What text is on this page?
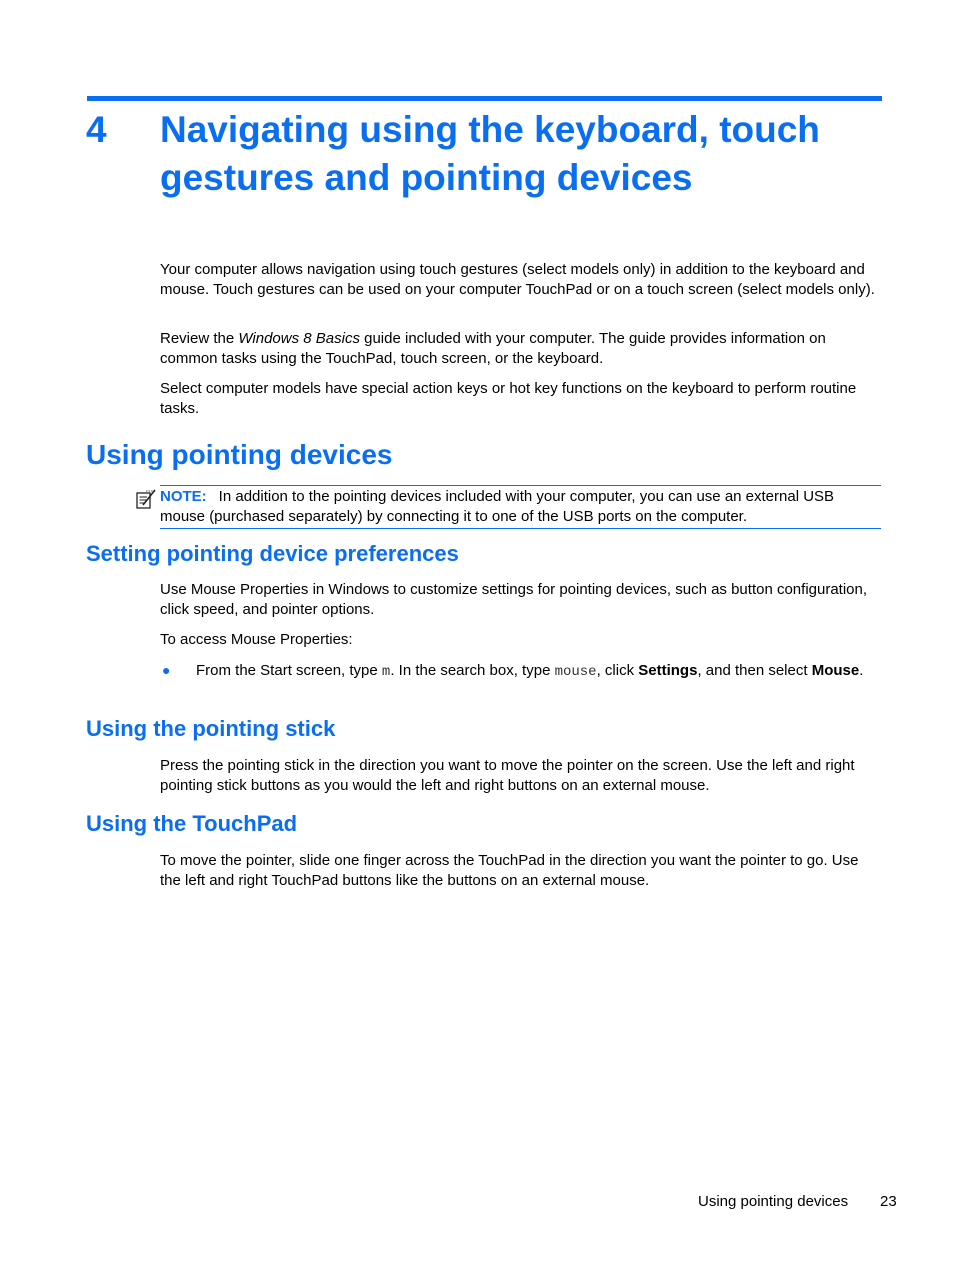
4 Navigating using the keyboard, touch gestures and pointing devices
Your computer allows navigation using touch gestures (select models only) in addition to the keyboard and mouse. Touch gestures can be used on your computer TouchPad or on a touch screen (select models only).
Review the Windows 8 Basics guide included with your computer. The guide provides information on common tasks using the TouchPad, touch screen, or the keyboard.
Select computer models have special action keys or hot key functions on the keyboard to perform routine tasks.
Using pointing devices
NOTE: In addition to the pointing devices included with your computer, you can use an external USB mouse (purchased separately) by connecting it to one of the USB ports on the computer.
Setting pointing device preferences
Use Mouse Properties in Windows to customize settings for pointing devices, such as button configuration, click speed, and pointer options.
To access Mouse Properties:
● From the Start screen, type m. In the search box, type mouse, click Settings, and then select Mouse.
Using the pointing stick
Press the pointing stick in the direction you want to move the pointer on the screen. Use the left and right pointing stick buttons as you would the left and right buttons on an external mouse.
Using the TouchPad
To move the pointer, slide one finger across the TouchPad in the direction you want the pointer to go. Use the left and right TouchPad buttons like the buttons on an external mouse.
Using pointing devices 23
